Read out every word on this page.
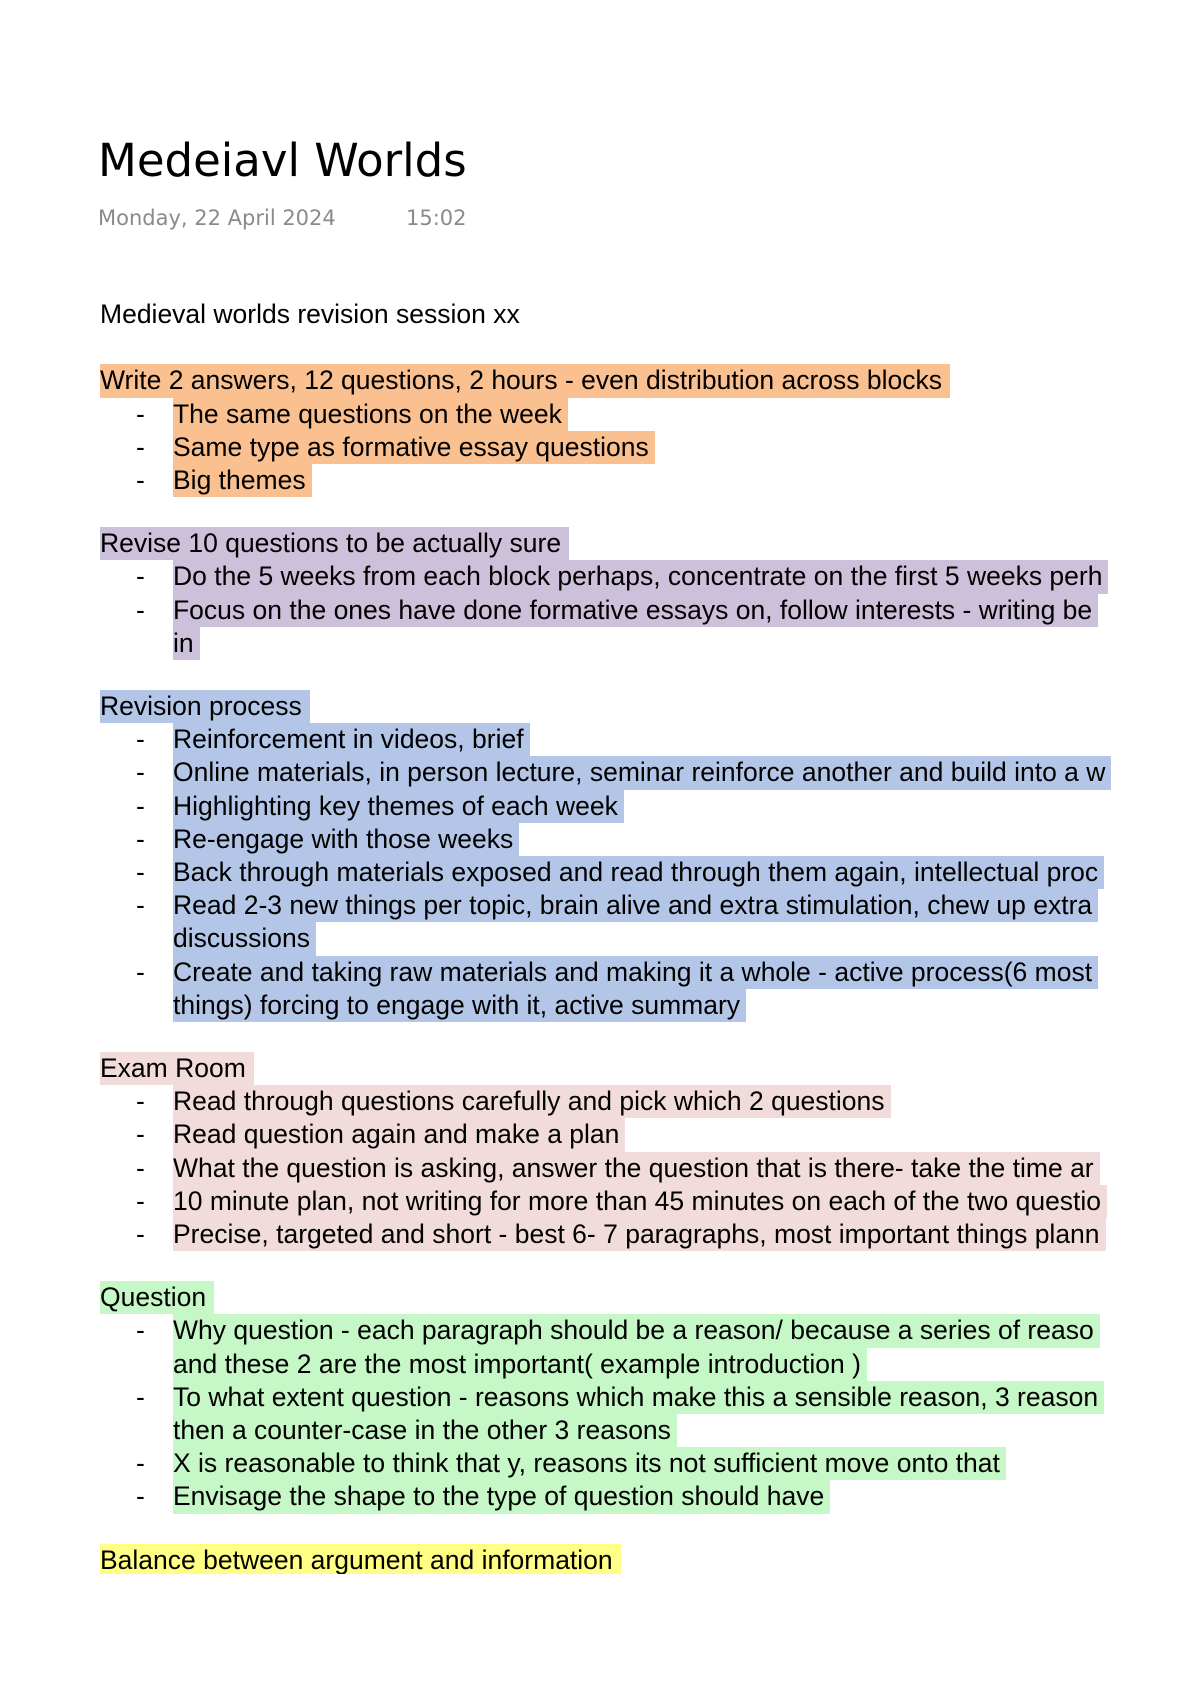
Medeiavl Worlds
Monday, 22 April 2024	15:02
Medieval worlds revision session xx
Write 2 answers, 12 questions, 2 hours - even distribution across blocks
- The same questions on the week
- Same type as formative essay questions
- Big themes
Revise 10 questions to be actually sure
- Do the 5 weeks from each block perhaps, concentrate on the first 5 weeks perh
- Focus on the ones have done formative essays on, follow interests - writing be
in
Revision process
- Reinforcement in videos, brief
- Online materials, in person lecture, seminar reinforce another and build into a w
- Highlighting key themes of each week
- Re-engage with those weeks
- Back through materials exposed and read through them again, intellectual proc
- Read 2-3 new things per topic, brain alive and extra stimulation, chew up extra
discussions
- Create and taking raw materials and making it a whole - active process(6 most
things) forcing to engage with it, active summary
Exam Room
- Read through questions carefully and pick which 2 questions
- Read question again and make a plan
- What the question is asking, answer the question that is there- take the time ar
- 10 minute plan, not writing for more than 45 minutes on each of the two questio
- Precise, targeted and short - best 6- 7 paragraphs, most important things plann
Question
- Why question - each paragraph should be a reason/ because a series of reaso
and these 2 are the most important( example introduction )
- To what extent question - reasons which make this a sensible reason, 3 reason
then a counter-case in the other 3 reasons
- X is reasonable to think that y, reasons its not sufficient move onto that
- Envisage the shape to the type of question should have
Balance between argument and information
